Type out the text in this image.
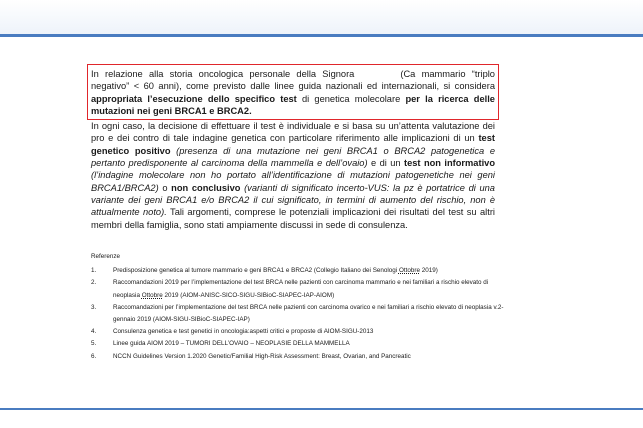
In relazione alla storia oncologica personale della Signora	(Ca mammario “triplo negativo” < 60 anni), come previsto dalle linee guida nazionali ed internazionali, si considera appropriata l’esecuzione dello specifico test di genetica molecolare per la ricerca delle mutazioni nei geni BRCA1 e BRCA2.

In ogni caso, la decisione di effettuare il test è individuale e si basa su un’attenta valutazione dei pro e dei contro di tale indagine genetica con particolare riferimento alle implicazioni di un test genetico positivo (presenza di una mutazione nei geni BRCA1 o BRCA2 patogenetica e pertanto predisponente al carcinoma della mammella e dell’ovaio) e di un test non informativo (l’indagine molecolare non ho portato all’identificazione di mutazioni patogenetiche nei geni BRCA1/BRCA2) o non conclusivo (varianti di significato incerto-VUS: la pz è portatrice di una variante dei geni BRCA1 e/o BRCA2 il cui significato, in termini di aumento del rischio, non è attualmente noto). Tali argomenti, comprese le potenziali implicazioni dei risultati del test su altri membri della famiglia, sono stati ampiamente discussi in sede di consulenza.

Referenze

1.	Predisposizione genetica al tumore mammario e geni BRCA1 e BRCA2 (Collegio Italiano dei Senologi Ottobre 2019)
2.	Raccomandazioni 2019 per l’implementazione del test BRCA nelle pazienti con carcinoma mammario e nei familiari a rischio elevato di neoplasia Ottobre 2019 (AIOM-ANISC-SICO-SIGU-SIBioC-SIAPEC-IAP-AIOM)
3.	Raccomandazioni per l’implementazione del test BRCA nelle pazienti con carcinoma ovarico e nei familiari a rischio elevato di neoplasia v.2-gennaio 2019 (AIOM-SIGU-SIBioC-SIAPEC-IAP)
4.	Consulenza genetica e test genetici in oncologia:aspetti critici e proposte di AIOM-SIGU-2013
5.	Linee guida AIOM 2019 – TUMORI DELL’OVAIO – NEOPLASIE DELLA MAMMELLA
6.	NCCN Guidelines Version 1.2020 Genetic/Familial High-Risk Assessment: Breast, Ovarian, and Pancreatic
